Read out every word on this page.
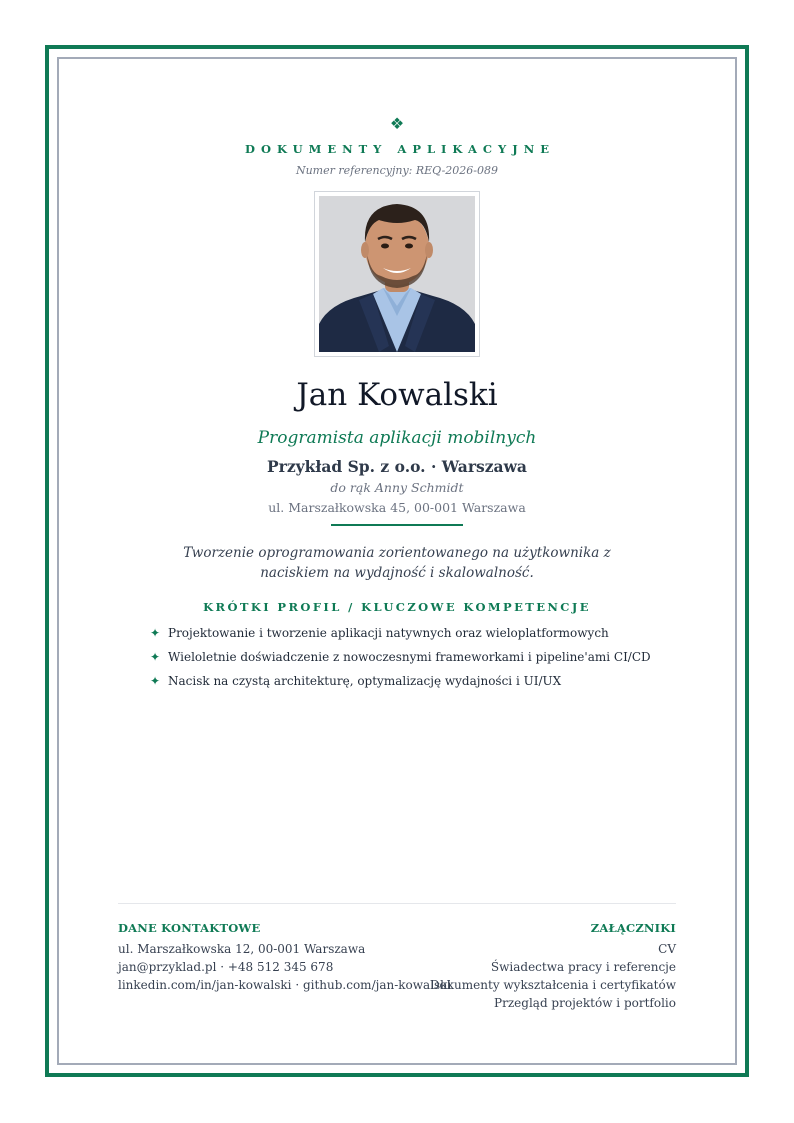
❖
DOKUMENTY APLIKACYJNE
Numer referencyjny: REQ-2026-089
Jan Kowalski
Programista aplikacji mobilnych
Przykład Sp. z o.o. · Warszawa
do rąk Anny Schmidt
ul. Marszałkowska 45, 00-001 Warszawa
Tworzenie oprogramowania zorientowanego na użytkownika z naciskiem na wydajność i skalowalność.
KRÓTKI PROFIL / KLUCZOWE KOMPETENCJE
✦ Projektowanie i tworzenie aplikacji natywnych oraz wieloplatformowych
✦ Wieloletnie doświadczenie z nowoczesnymi frameworkami i pipeline'ami CI/CD
✦ Nacisk na czystą architekturę, optymalizację wydajności i UI/UX
DANE KONTAKTOWE
ul. Marszałkowska 12, 00-001 Warszawa
jan@przyklad.pl · +48 512 345 678
linkedin.com/in/jan-kowalski · github.com/jan-kowalski
ZAŁĄCZNIKI
CV
Świadectwa pracy i referencje
Dokumenty wykształcenia i certyfikatów
Przegląd projektów i portfolio
